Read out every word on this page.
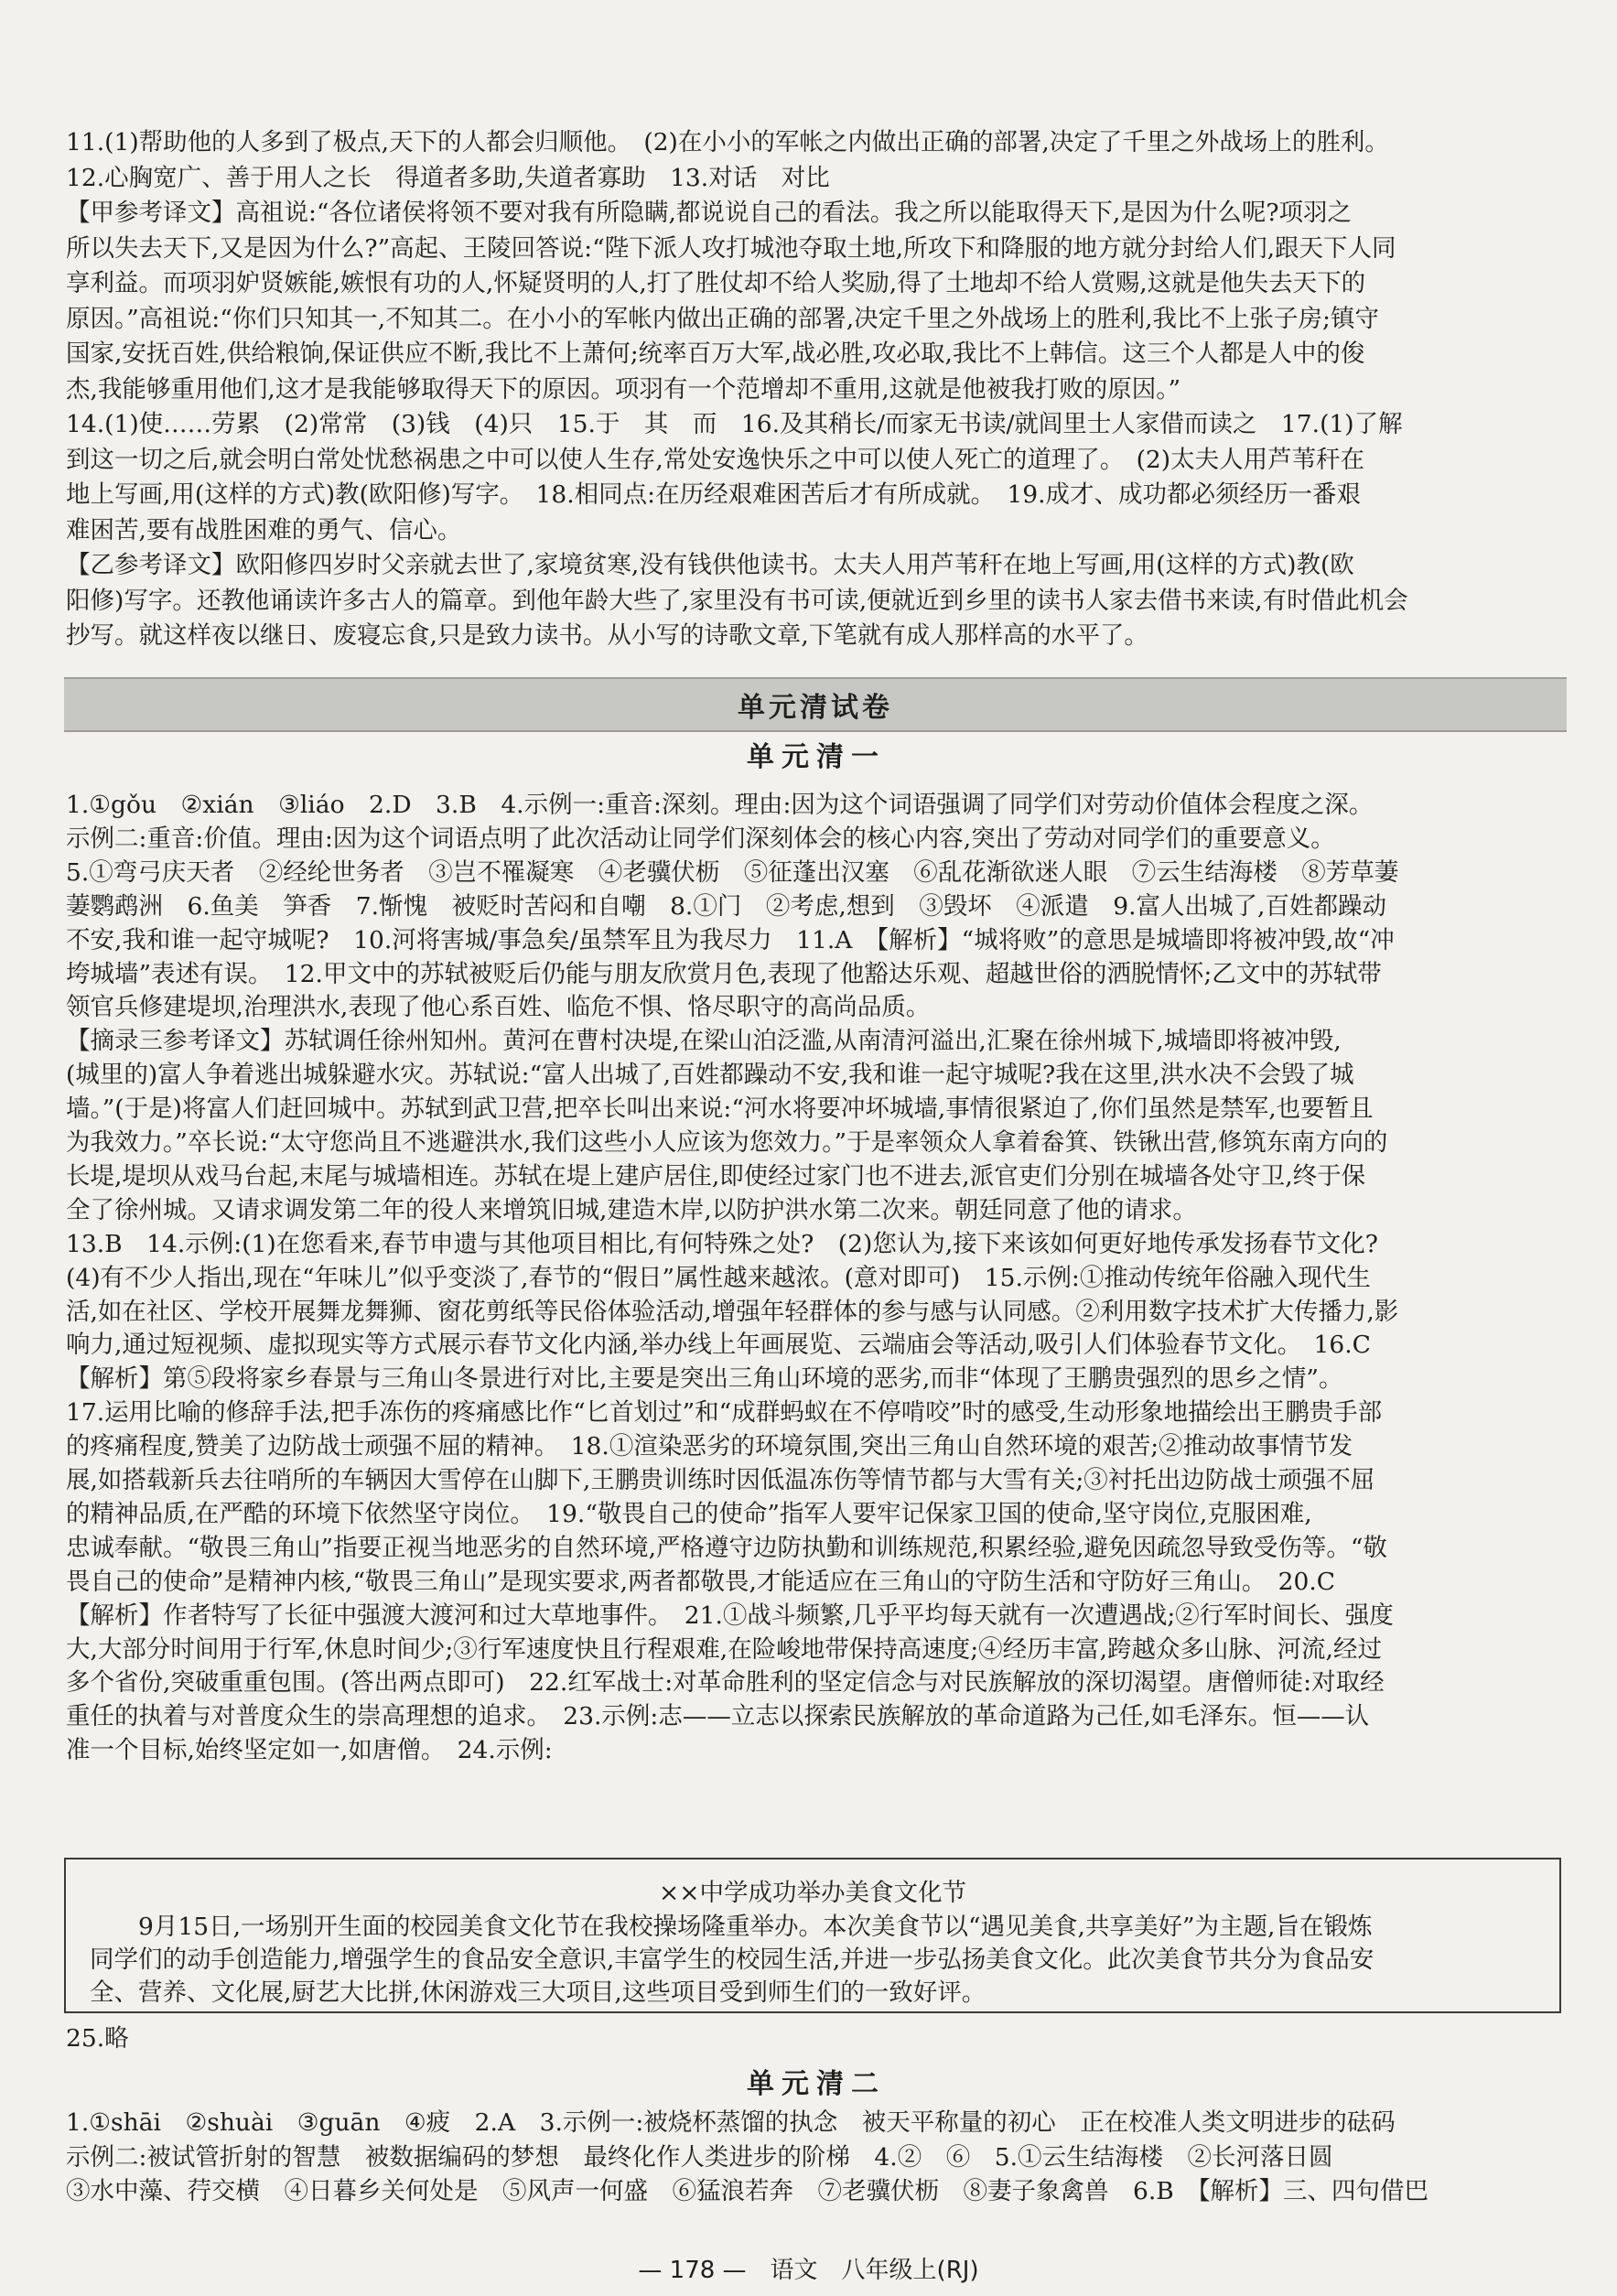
11.(1)帮助他的人多到了极点,天下的人都会归顺他。　(2)在小小的军帐之内做出正确的部署,决定了千里之外战场上的胜利。
12.心胸宽广、善于用人之长　得道者多助,失道者寡助　13.对话　对比
【甲参考译文】高祖说:“各位诸侯将领不要对我有所隐瞒,都说说自己的看法。我之所以能取得天下,是因为什么呢?项羽之
所以失去天下,又是因为什么?”高起、王陵回答说:“陛下派人攻打城池夺取土地,所攻下和降服的地方就分封给人们,跟天下人同
享利益。而项羽妒贤嫉能,嫉恨有功的人,怀疑贤明的人,打了胜仗却不给人奖励,得了土地却不给人赏赐,这就是他失去天下的
原因。”高祖说:“你们只知其一,不知其二。在小小的军帐内做出正确的部署,决定千里之外战场上的胜利,我比不上张子房;镇守
国家,安抚百姓,供给粮饷,保证供应不断,我比不上萧何;统率百万大军,战必胜,攻必取,我比不上韩信。这三个人都是人中的俊
杰,我能够重用他们,这才是我能够取得天下的原因。项羽有一个范增却不重用,这就是他被我打败的原因。”
14.(1)使……劳累　(2)常常　(3)钱　(4)只　15.于　其　而　16.及其稍长/而家无书读/就闾里士人家借而读之　17.(1)了解
到这一切之后,就会明白常处忧愁祸患之中可以使人生存,常处安逸快乐之中可以使人死亡的道理了。　(2)太夫人用芦苇秆在
地上写画,用(这样的方式)教(欧阳修)写字。　18.相同点:在历经艰难困苦后才有所成就。　19.成才、成功都必须经历一番艰
难困苦,要有战胜困难的勇气、信心。
【乙参考译文】欧阳修四岁时父亲就去世了,家境贫寒,没有钱供他读书。太夫人用芦苇秆在地上写画,用(这样的方式)教(欧
阳修)写字。还教他诵读许多古人的篇章。到他年龄大些了,家里没有书可读,便就近到乡里的读书人家去借书来读,有时借此机会
抄写。就这样夜以继日、废寝忘食,只是致力读书。从小写的诗歌文章,下笔就有成人那样高的水平了。
单元清试卷
单元清一
1.①gǒu　②xián　③liáo　2.D　3.B　4.示例一:重音:深刻。理由:因为这个词语强调了同学们对劳动价值体会程度之深。
示例二:重音:价值。理由:因为这个词语点明了此次活动让同学们深刻体会的核心内容,突出了劳动对同学们的重要意义。
5.①弯弓庆天者　②经纶世务者　③岂不罹凝寒　④老骥伏枥　⑤征蓬出汉塞　⑥乱花渐欲迷人眼　⑦云生结海楼　⑧芳草萋
萋鹦鹉洲　6.鱼美　笋香　7.惭愧　被贬时苦闷和自嘲　8.①门　②考虑,想到　③毁坏　④派遣　9.富人出城了,百姓都躁动
不安,我和谁一起守城呢?　10.河将害城/事急矣/虽禁军且为我尽力　11.A　【解析】“城将败”的意思是城墙即将被冲毁,故“冲
垮城墙”表述有误。　12.甲文中的苏轼被贬后仍能与朋友欣赏月色,表现了他豁达乐观、超越世俗的洒脱情怀;乙文中的苏轼带
领官兵修建堤坝,治理洪水,表现了他心系百姓、临危不惧、恪尽职守的高尚品质。
【摘录三参考译文】苏轼调任徐州知州。黄河在曹村决堤,在梁山泊泛滥,从南清河溢出,汇聚在徐州城下,城墙即将被冲毁,
(城里的)富人争着逃出城躲避水灾。苏轼说:“富人出城了,百姓都躁动不安,我和谁一起守城呢?我在这里,洪水决不会毁了城
墙。”(于是)将富人们赶回城中。苏轼到武卫营,把卒长叫出来说:“河水将要冲坏城墙,事情很紧迫了,你们虽然是禁军,也要暂且
为我效力。”卒长说:“太守您尚且不逃避洪水,我们这些小人应该为您效力。”于是率领众人拿着畚箕、铁锹出营,修筑东南方向的
长堤,堤坝从戏马台起,末尾与城墙相连。苏轼在堤上建庐居住,即使经过家门也不进去,派官吏们分别在城墙各处守卫,终于保
全了徐州城。又请求调发第二年的役人来增筑旧城,建造木岸,以防护洪水第二次来。朝廷同意了他的请求。
13.B　14.示例:(1)在您看来,春节申遗与其他项目相比,有何特殊之处?　(2)您认为,接下来该如何更好地传承发扬春节文化?
(4)有不少人指出,现在“年味儿”似乎变淡了,春节的“假日”属性越来越浓。(意对即可)　15.示例:①推动传统年俗融入现代生
活,如在社区、学校开展舞龙舞狮、窗花剪纸等民俗体验活动,增强年轻群体的参与感与认同感。②利用数字技术扩大传播力,影
响力,通过短视频、虚拟现实等方式展示春节文化内涵,举办线上年画展览、云端庙会等活动,吸引人们体验春节文化。　16.C
【解析】第⑤段将家乡春景与三角山冬景进行对比,主要是突出三角山环境的恶劣,而非“体现了王鹏贵强烈的思乡之情”。
17.运用比喻的修辞手法,把手冻伤的疼痛感比作“匕首划过”和“成群蚂蚁在不停啃咬”时的感受,生动形象地描绘出王鹏贵手部
的疼痛程度,赞美了边防战士顽强不屈的精神。　18.①渲染恶劣的环境氛围,突出三角山自然环境的艰苦;②推动故事情节发
展,如搭载新兵去往哨所的车辆因大雪停在山脚下,王鹏贵训练时因低温冻伤等情节都与大雪有关;③衬托出边防战士顽强不屈
的精神品质,在严酷的环境下依然坚守岗位。　19.“敬畏自己的使命”指军人要牢记保家卫国的使命,坚守岗位,克服困难,
忠诚奉献。“敬畏三角山”指要正视当地恶劣的自然环境,严格遵守边防执勤和训练规范,积累经验,避免因疏忽导致受伤等。“敬
畏自己的使命”是精神内核,“敬畏三角山”是现实要求,两者都敬畏,才能适应在三角山的守防生活和守防好三角山。　20.C
【解析】作者特写了长征中强渡大渡河和过大草地事件。　21.①战斗频繁,几乎平均每天就有一次遭遇战;②行军时间长、强度
大,大部分时间用于行军,休息时间少;③行军速度快且行程艰难,在险峻地带保持高速度;④经历丰富,跨越众多山脉、河流,经过
多个省份,突破重重包围。(答出两点即可)　22.红军战士:对革命胜利的坚定信念与对民族解放的深切渴望。唐僧师徒:对取经
重任的执着与对普度众生的崇高理想的追求。　23.示例:志——立志以探索民族解放的革命道路为己任,如毛泽东。恒——认
准一个目标,始终坚定如一,如唐僧。　24.示例:
××中学成功举办美食文化节
　　9月15日,一场别开生面的校园美食文化节在我校操场隆重举办。本次美食节以“遇见美食,共享美好”为主题,旨在锻炼
同学们的动手创造能力,增强学生的食品安全意识,丰富学生的校园生活,并进一步弘扬美食文化。此次美食节共分为食品安
全、营养、文化展,厨艺大比拼,休闲游戏三大项目,这些项目受到师生们的一致好评。
25.略
单元清二
1.①shāi　②shuài　③guān　④疲　2.A　3.示例一:被烧杯蒸馏的执念　被天平称量的初心　正在校准人类文明进步的砝码
示例二:被试管折射的智慧　被数据编码的梦想　最终化作人类进步的阶梯　4.②　⑥　5.①云生结海楼　②长河落日圆
③水中藻、荇交横　④日暮乡关何处是　⑤风声一何盛　⑥猛浪若奔　⑦老骥伏枥　⑧妻子象禽兽　6.B　【解析】三、四句借巴
— 178 —　语文　八年级上(RJ)
